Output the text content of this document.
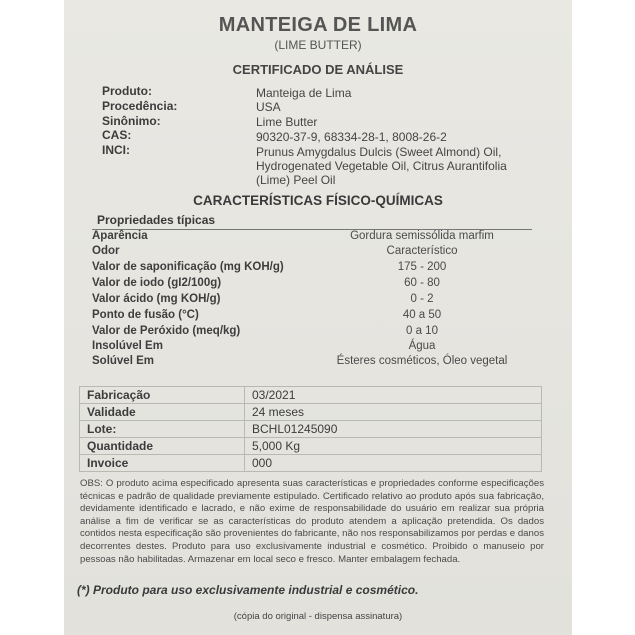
MANTEIGA DE LIMA
(LIME BUTTER)
CERTIFICADO DE ANÁLISE
Produto:	Manteiga de Lima
Procedência:	USA
Sinônimo:	Lime Butter
CAS:	90320-37-9, 68334-28-1, 8008-26-2
INCI:	Prunus Amygdalus Dulcis (Sweet Almond) Oil,
Hydrogenated Vegetable Oil, Citrus Aurantifolia
(Lime) Peel Oil
CARACTERÍSTICAS FÍSICO-QUÍMICAS
Propriedades típicas
Aparência	Gordura semissólida marfim
Odor	Característico
Valor de saponificação (mg KOH/g)	175 - 200
Valor de iodo (gI2/100g)	60 - 80
Valor ácido (mg KOH/g)	0 - 2
Ponto de fusão (°C)	40 a 50
Valor de Peróxido (meq/kg)	0 a 10
Insolúvel Em	Água
Solúvel Em	Ésteres cosméticos, Óleo vegetal
Fabricação	03/2021
Validade	24 meses
Lote:	BCHL01245090
Quantidade	5,000 Kg
Invoice	000
OBS: O produto acima especificado apresenta suas características e propriedades conforme especificações técnicas e padrão de qualidade previamente estipulado. Certificado relativo ao produto após sua fabricação, devidamente identificado e lacrado, e não exime de responsabilidade do usuário em realizar sua própria análise a fim de verificar se as características do produto atendem a aplicação pretendida. Os dados contidos nesta especificação são provenientes do fabricante, não nos responsabilizamos por perdas e danos decorrentes destes. Produto para uso exclusivamente industrial e cosmético. Proibido o manuseio por pessoas não habilitadas. Armazenar em local seco e fresco. Manter embalagem fechada.
(*) Produto para uso exclusivamente industrial e cosmético.
(cópia do original - dispensa assinatura)
